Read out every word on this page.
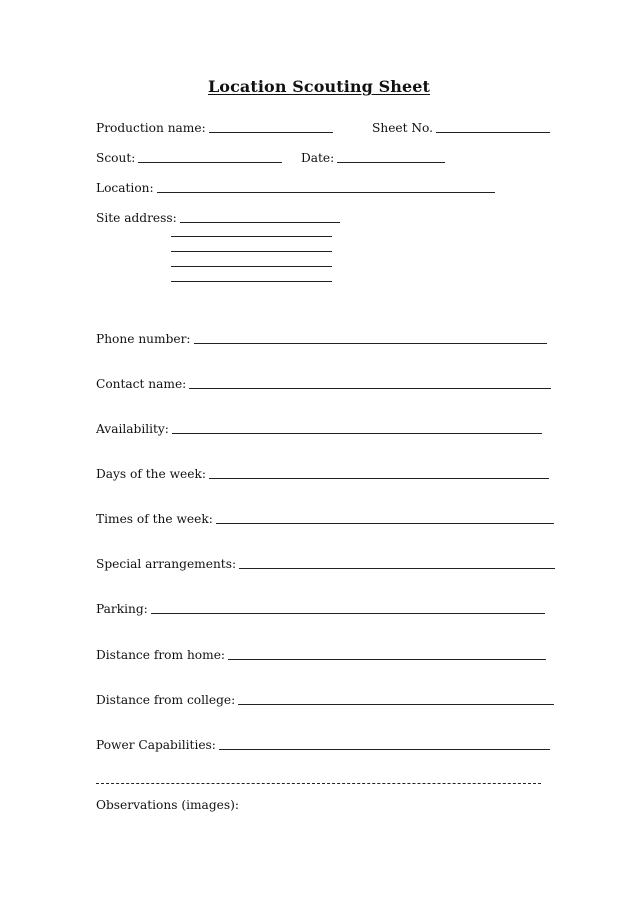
Location Scouting Sheet
Production name:	Sheet No.
Scout:	Date:
Location:
Site address:
Phone number:
Contact name:
Availability:
Days of the week:
Times of the week:
Special arrangements:
Parking:
Distance from home:
Distance from college:
Power Capabilities:
Observations (images):
